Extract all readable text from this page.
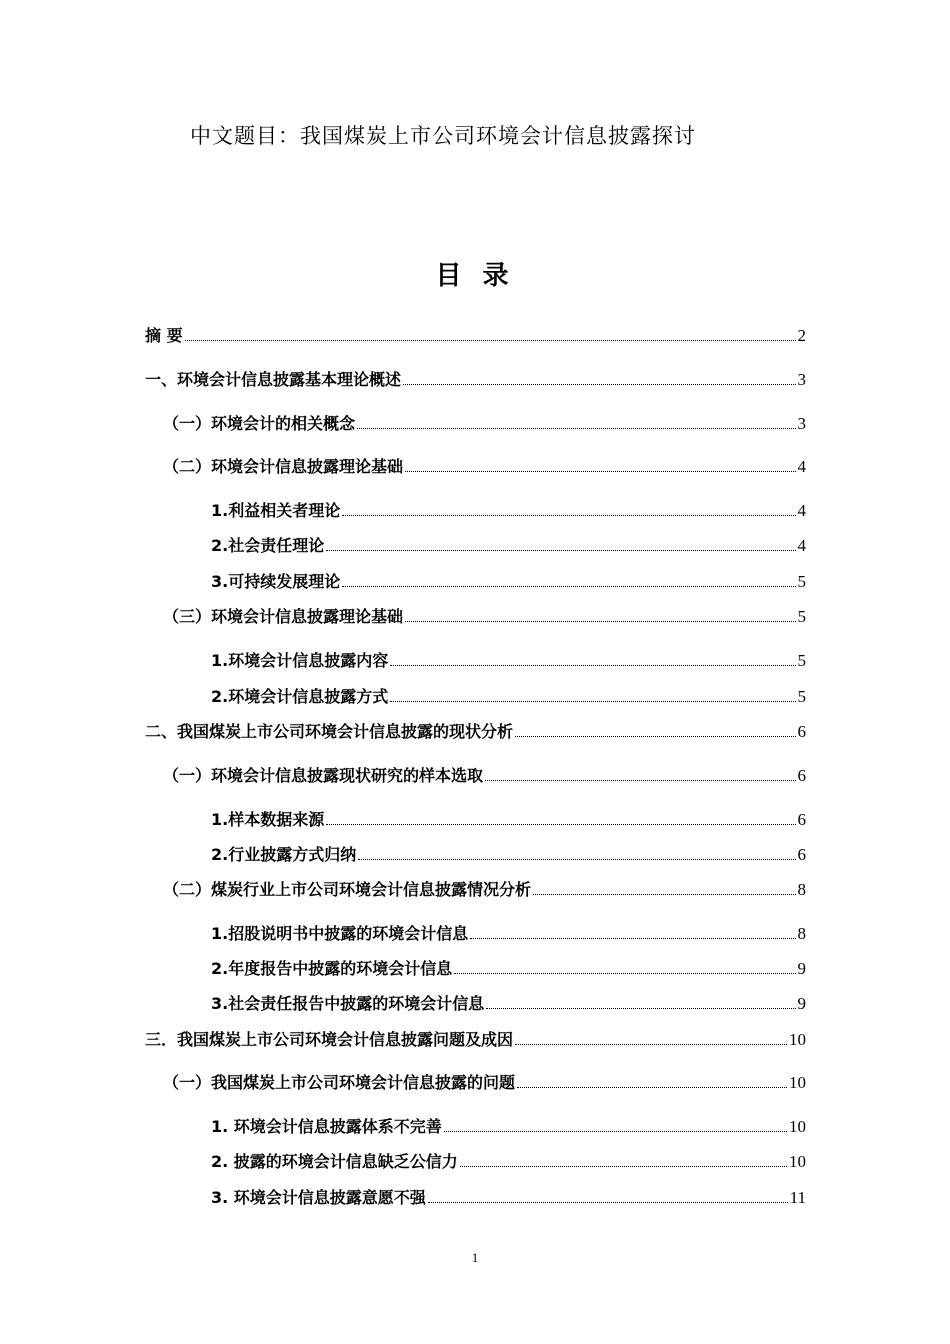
中文题目：我国煤炭上市公司环境会计信息披露探讨
目 录
摘 要	2
一、环境会计信息披露基本理论概述	3
（一）环境会计的相关概念	3
（二）环境会计信息披露理论基础	4
1.利益相关者理论	4
2.社会责任理论	4
3.可持续发展理论	5
（三）环境会计信息披露理论基础	5
1.环境会计信息披露内容	5
2.环境会计信息披露方式	5
二、我国煤炭上市公司环境会计信息披露的现状分析	6
（一）环境会计信息披露现状研究的样本选取	6
1.样本数据来源	6
2.行业披露方式归纳	6
（二）煤炭行业上市公司环境会计信息披露情况分析	8
1.招股说明书中披露的环境会计信息	8
2.年度报告中披露的环境会计信息	9
3.社会责任报告中披露的环境会计信息	9
三．我国煤炭上市公司环境会计信息披露问题及成因	10
（一）我国煤炭上市公司环境会计信息披露的问题	10
1. 环境会计信息披露体系不完善	10
2. 披露的环境会计信息缺乏公信力	10
3. 环境会计信息披露意愿不强	11
1
